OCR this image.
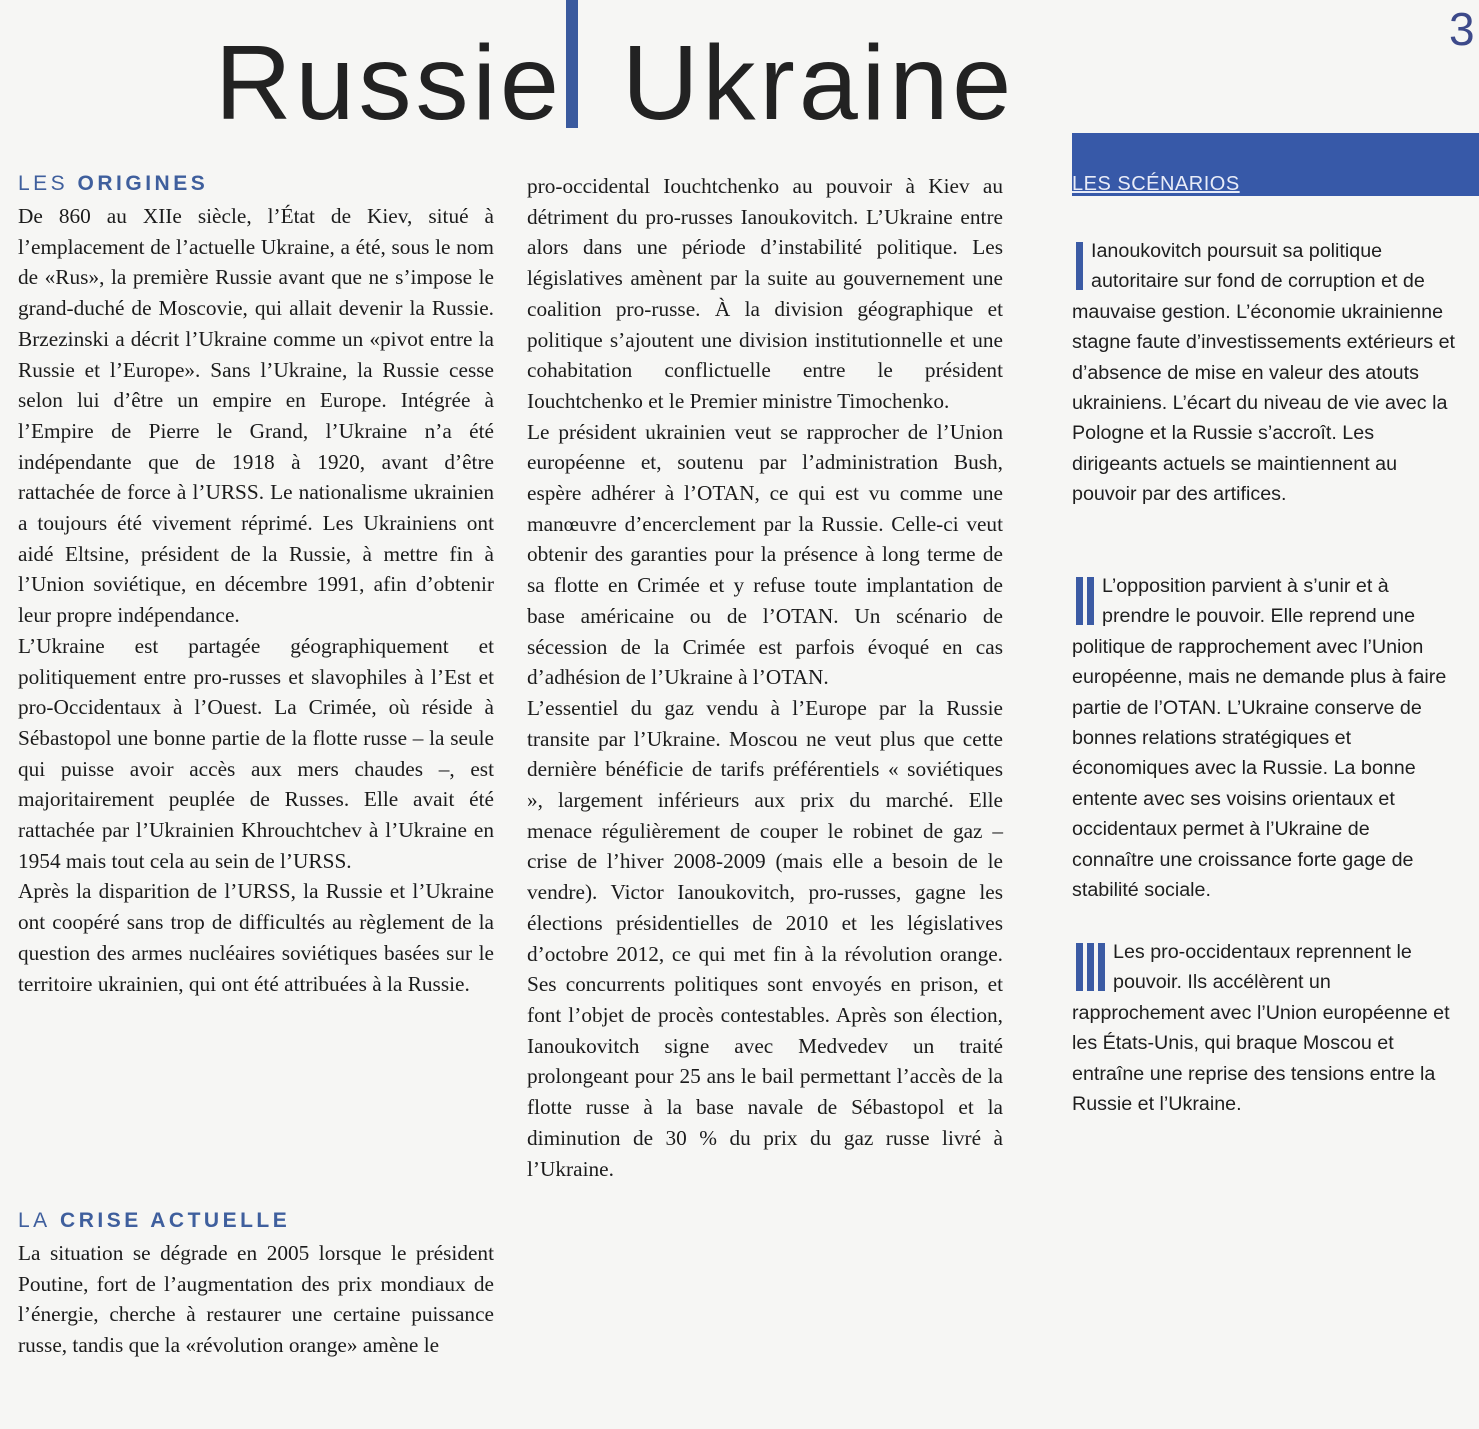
Russie Ukraine	3
LES ORIGINES

De 860 au XIIe siècle, l’État de Kiev, situé à l’emplacement de l’actuelle Ukraine, a été, sous le nom de «Rus», la première Russie avant que ne s’impose le grand-duché de Moscovie, qui allait devenir la Russie. Brzezinski a décrit l’Ukraine comme un «pivot entre la Russie et l’Europe». Sans l’Ukraine, la Russie cesse selon lui d’être un empire en Europe. Intégrée à l’Empire de Pierre le Grand, l’Ukraine n’a été indépendante que de 1918 à 1920, avant d’être rattachée de force à l’URSS. Le nationalisme ukrainien a toujours été vivement réprimé. Les Ukrainiens ont aidé Eltsine, président de la Russie, à mettre fin à l’Union soviétique, en décembre 1991, afin d’obtenir leur propre indépendance.

L’Ukraine est partagée géographiquement et politiquement entre pro-russes et slavophiles à l’Est et pro-Occidentaux à l’Ouest. La Crimée, où réside à Sébastopol une bonne partie de la flotte russe – la seule qui puisse avoir accès aux mers chaudes –, est majoritairement peuplée de Russes. Elle avait été rattachée par l’Ukrainien Khrouchtchev à l’Ukraine en 1954 mais tout cela au sein de l’URSS.

Après la disparition de l’URSS, la Russie et l’Ukraine ont coopéré sans trop de difficultés au règlement de la question des armes nucléaires soviétiques basées sur le territoire ukrainien, qui ont été attribuées à la Russie.

LA CRISE ACTUELLE

La situation se dégrade en 2005 lorsque le président Poutine, fort de l’augmentation des prix mondiaux de l’énergie, cherche à restaurer une certaine puissance russe, tandis que la «révolution orange» amène le

pro-occidental Iouchtchenko au pouvoir à Kiev au détriment du pro-russes Ianoukovitch. L’Ukraine entre alors dans une période d’instabilité politique. Les législatives amènent par la suite au gouvernement une coalition pro-russe. À la division géographique et politique s’ajoutent une division institutionnelle et une cohabitation conflictuelle entre le président Iouchtchenko et le Premier ministre Timochenko.

Le président ukrainien veut se rapprocher de l’Union européenne et, soutenu par l’administration Bush, espère adhérer à l’OTAN, ce qui est vu comme une manœuvre d’encerclement par la Russie. Celle-ci veut obtenir des garanties pour la présence à long terme de sa flotte en Crimée et y refuse toute implantation de base américaine ou de l’OTAN. Un scénario de sécession de la Crimée est parfois évoqué en cas d’adhésion de l’Ukraine à l’OTAN.

L’essentiel du gaz vendu à l’Europe par la Russie transite par l’Ukraine. Moscou ne veut plus que cette dernière bénéficie de tarifs préférentiels « soviétiques », largement inférieurs aux prix du marché. Elle menace régulièrement de couper le robinet de gaz – crise de l’hiver 2008-2009 (mais elle a besoin de le vendre). Victor Ianoukovitch, pro-russes, gagne les élections présidentielles de 2010 et les législatives d’octobre 2012, ce qui met fin à la révolution orange. Ses concurrents politiques sont envoyés en prison, et font l’objet de procès contestables. Après son élection, Ianoukovitch signe avec Medvedev un traité prolongeant pour 25 ans le bail permettant l’accès de la flotte russe à la base navale de Sébastopol et la diminution de 30 % du prix du gaz russe livré à l’Ukraine.

LES SCÉNARIOS

Ianoukovitch poursuit sa politique autoritaire sur fond de corruption et de mauvaise gestion. L’économie ukrainienne stagne faute d’investissements extérieurs et d’absence de mise en valeur des atouts ukrainiens. L’écart du niveau de vie avec la Pologne et la Russie s’accroît. Les dirigeants actuels se maintiennent au pouvoir par des artifices.

L’opposition parvient à s’unir et à prendre le pouvoir. Elle reprend une politique de rapprochement avec l’Union européenne, mais ne demande plus à faire partie de l’OTAN. L’Ukraine conserve de bonnes relations stratégiques et économiques avec la Russie. La bonne entente avec ses voisins orientaux et occidentaux permet à l’Ukraine de connaître une croissance forte gage de stabilité sociale.

Les pro-occidentaux reprennent le pouvoir. Ils accélèrent un rapprochement avec l’Union européenne et les États-Unis, qui braque Moscou et entraîne une reprise des tensions entre la Russie et l’Ukraine.
